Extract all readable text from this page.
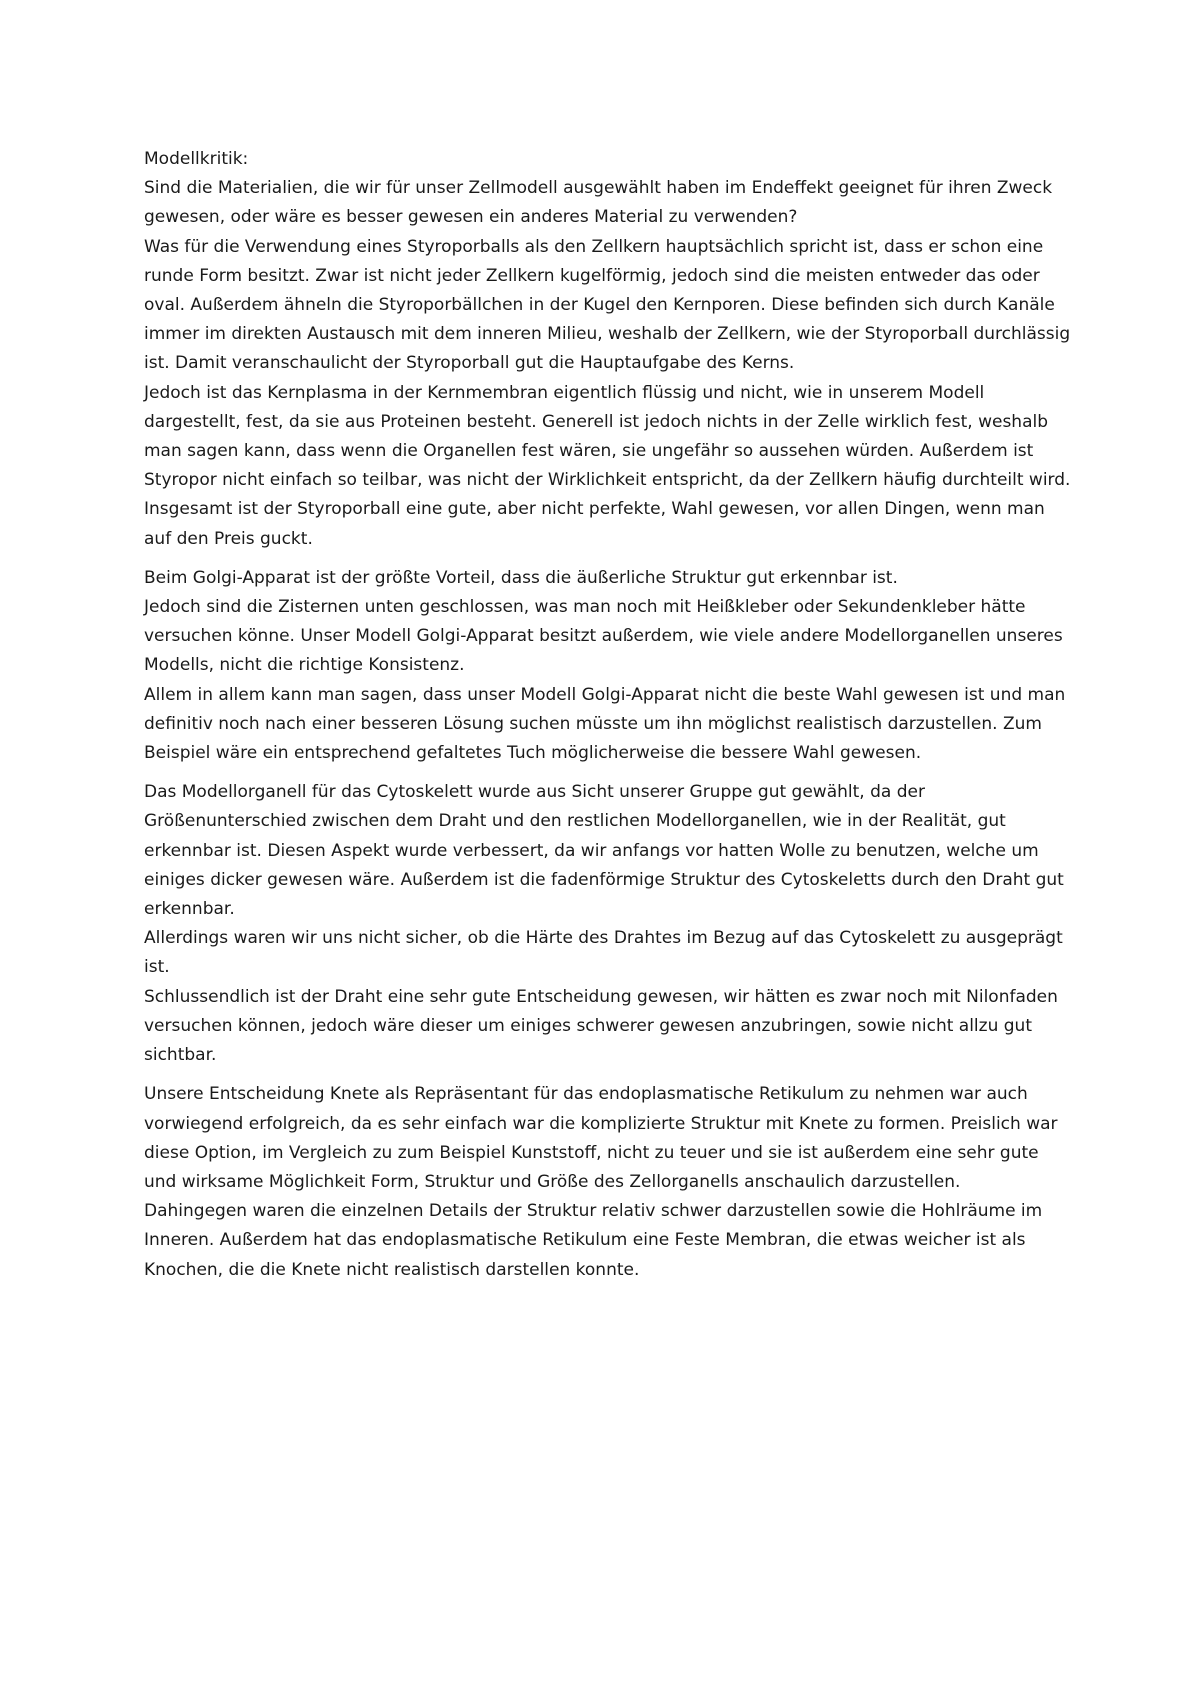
Modellkritik:

Sind die Materialien, die wir für unser Zellmodell ausgewählt haben im Endeffekt geeignet für ihren Zweck gewesen, oder wäre es besser gewesen ein anderes Material zu verwenden?

Was für die Verwendung eines Styroporballs als den Zellkern hauptsächlich spricht ist, dass er schon eine runde Form besitzt. Zwar ist nicht jeder Zellkern kugelförmig, jedoch sind die meisten entweder das oder oval. Außerdem ähneln die Styroporbällchen in der Kugel den Kernporen. Diese befinden sich durch Kanäle immer im direkten Austausch mit dem inneren Milieu, weshalb der Zellkern, wie der Styroporball durchlässig ist. Damit veranschaulicht der Styroporball gut die Hauptaufgabe des Kerns.

Jedoch ist das Kernplasma in der Kernmembran eigentlich flüssig und nicht, wie in unserem Modell dargestellt, fest, da sie aus Proteinen besteht. Generell ist jedoch nichts in der Zelle wirklich fest, weshalb man sagen kann, dass wenn die Organellen fest wären, sie ungefähr so aussehen würden. Außerdem ist Styropor nicht einfach so teilbar, was nicht der Wirklichkeit entspricht, da der Zellkern häufig durchteilt wird.

Insgesamt ist der Styroporball eine gute, aber nicht perfekte, Wahl gewesen, vor allen Dingen, wenn man auf den Preis guckt.

Beim Golgi-Apparat ist der größte Vorteil, dass die äußerliche Struktur gut erkennbar ist.

Jedoch sind die Zisternen unten geschlossen, was man noch mit Heißkleber oder Sekundenkleber hätte versuchen könne. Unser Modell Golgi-Apparat besitzt außerdem, wie viele andere Modellorganellen unseres Modells, nicht die richtige Konsistenz.

Allem in allem kann man sagen, dass unser Modell Golgi-Apparat nicht die beste Wahl gewesen ist und man definitiv noch nach einer besseren Lösung suchen müsste um ihn möglichst realistisch darzustellen. Zum Beispiel wäre ein entsprechend gefaltetes Tuch möglicherweise die bessere Wahl gewesen.

Das Modellorganell für das Cytoskelett wurde aus Sicht unserer Gruppe gut gewählt, da der Größenunterschied zwischen dem Draht und den restlichen Modellorganellen, wie in der Realität, gut erkennbar ist. Diesen Aspekt wurde verbessert, da wir anfangs vor hatten Wolle zu benutzen, welche um einiges dicker gewesen wäre. Außerdem ist die fadenförmige Struktur des Cytoskeletts durch den Draht gut erkennbar.

Allerdings waren wir uns nicht sicher, ob die Härte des Drahtes im Bezug auf das Cytoskelett zu ausgeprägt ist.

Schlussendlich ist der Draht eine sehr gute Entscheidung gewesen, wir hätten es zwar noch mit Nilonfaden versuchen können, jedoch wäre dieser um einiges schwerer gewesen anzubringen, sowie nicht allzu gut sichtbar.

Unsere Entscheidung Knete als Repräsentant für das endoplasmatische Retikulum zu nehmen war auch vorwiegend erfolgreich, da es sehr einfach war die komplizierte Struktur mit Knete zu formen. Preislich war diese Option, im Vergleich zu zum Beispiel Kunststoff, nicht zu teuer und sie ist außerdem eine sehr gute und wirksame Möglichkeit Form, Struktur und Größe des Zellorganells anschaulich darzustellen.

Dahingegen waren die einzelnen Details der Struktur relativ schwer darzustellen sowie die Hohlräume im Inneren. Außerdem hat das endoplasmatische Retikulum eine Feste Membran, die etwas weicher ist als Knochen, die die Knete nicht realistisch darstellen konnte.
